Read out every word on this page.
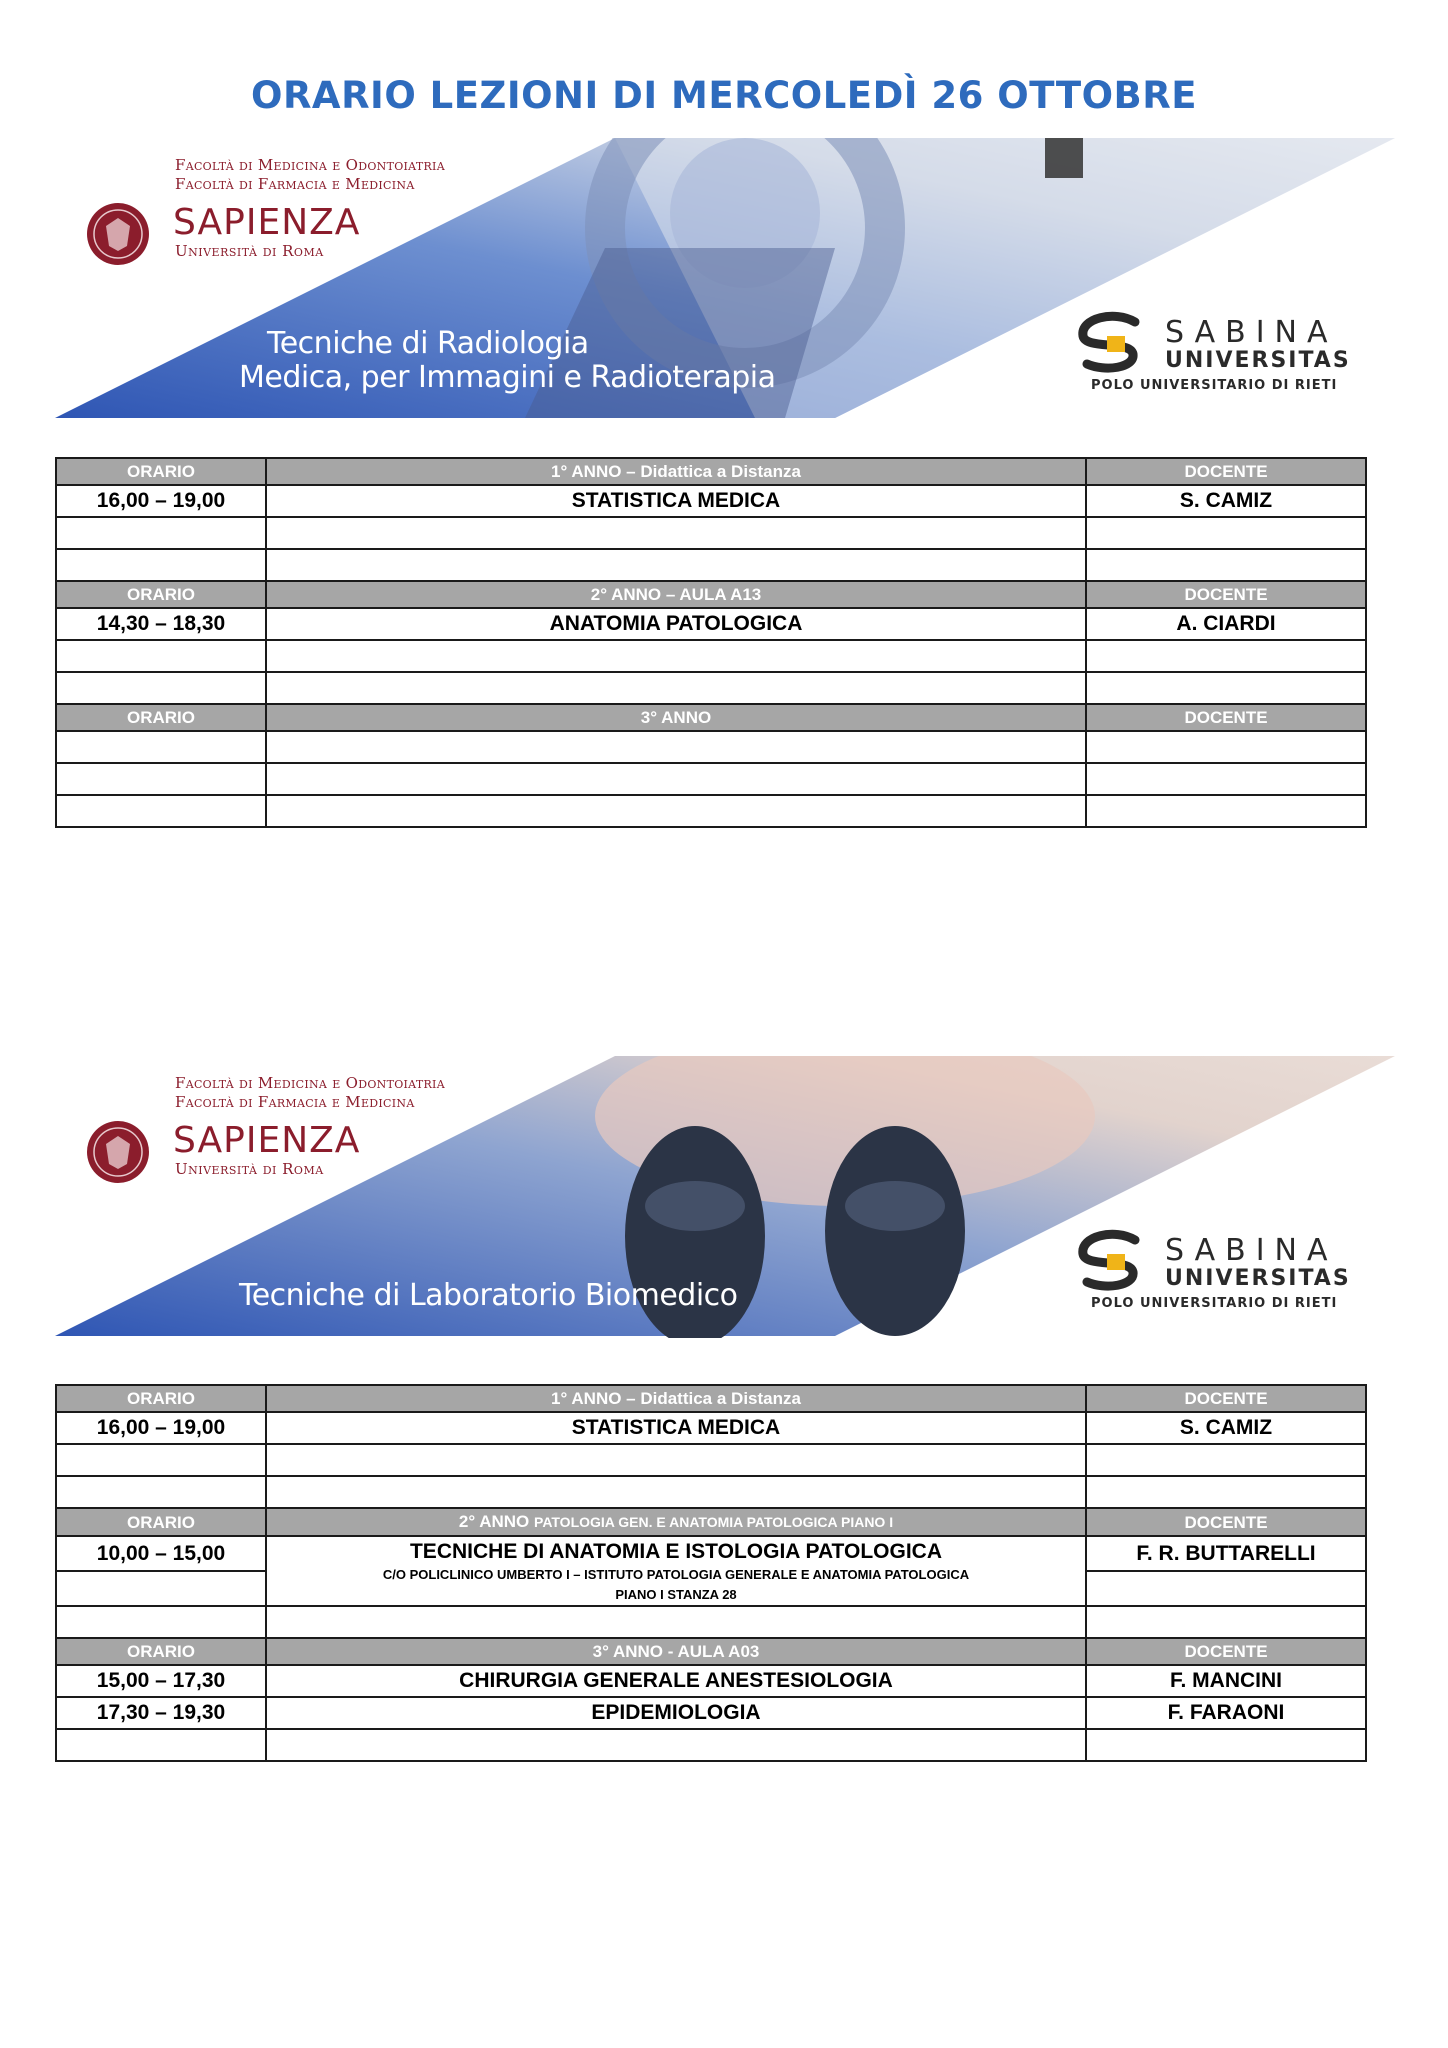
ORARIO LEZIONI DI MERCOLEDÌ 26 OTTOBRE
Facoltà di Medicina e Odontoiatria
Facoltà di Farmacia e Medicina
SAPIENZA
Università di Roma
Tecniche di Radiologia
Medica, per Immagini e Radioterapia
SABINA
UNIVERSITAS
POLO UNIVERSITARIO DI RIETI
ORARIO	1° ANNO – Didattica a Distanza	DOCENTE
16,00 – 19,00	STATISTICA MEDICA	S. CAMIZ

ORARIO	2° ANNO – AULA A13	DOCENTE
14,30 – 18,30	ANATOMIA PATOLOGICA	A. CIARDI

ORARIO	3° ANNO	DOCENTE

Facoltà di Medicina e Odontoiatria
Facoltà di Farmacia e Medicina
SAPIENZA
Università di Roma
Tecniche di Laboratorio Biomedico
SABINA
UNIVERSITAS
POLO UNIVERSITARIO DI RIETI
ORARIO	1° ANNO – Didattica a Distanza	DOCENTE
16,00 – 19,00	STATISTICA MEDICA	S. CAMIZ

ORARIO	2° ANNO PATOLOGIA GEN. E ANATOMIA PATOLOGICA PIANO I	DOCENTE
10,00 – 15,00	TECNICHE DI ANATOMIA E ISTOLOGIA PATOLOGICA
C/O POLICLINICO UMBERTO I – ISTITUTO PATOLOGIA GENERALE E ANATOMIA PATOLOGICA
PIANO I STANZA 28	F. R. BUTTARELLI

ORARIO	3° ANNO - AULA A03	DOCENTE
15,00 – 17,30	CHIRURGIA GENERALE ANESTESIOLOGIA	F. MANCINI
17,30 – 19,30	EPIDEMIOLOGIA	F. FARAONI
